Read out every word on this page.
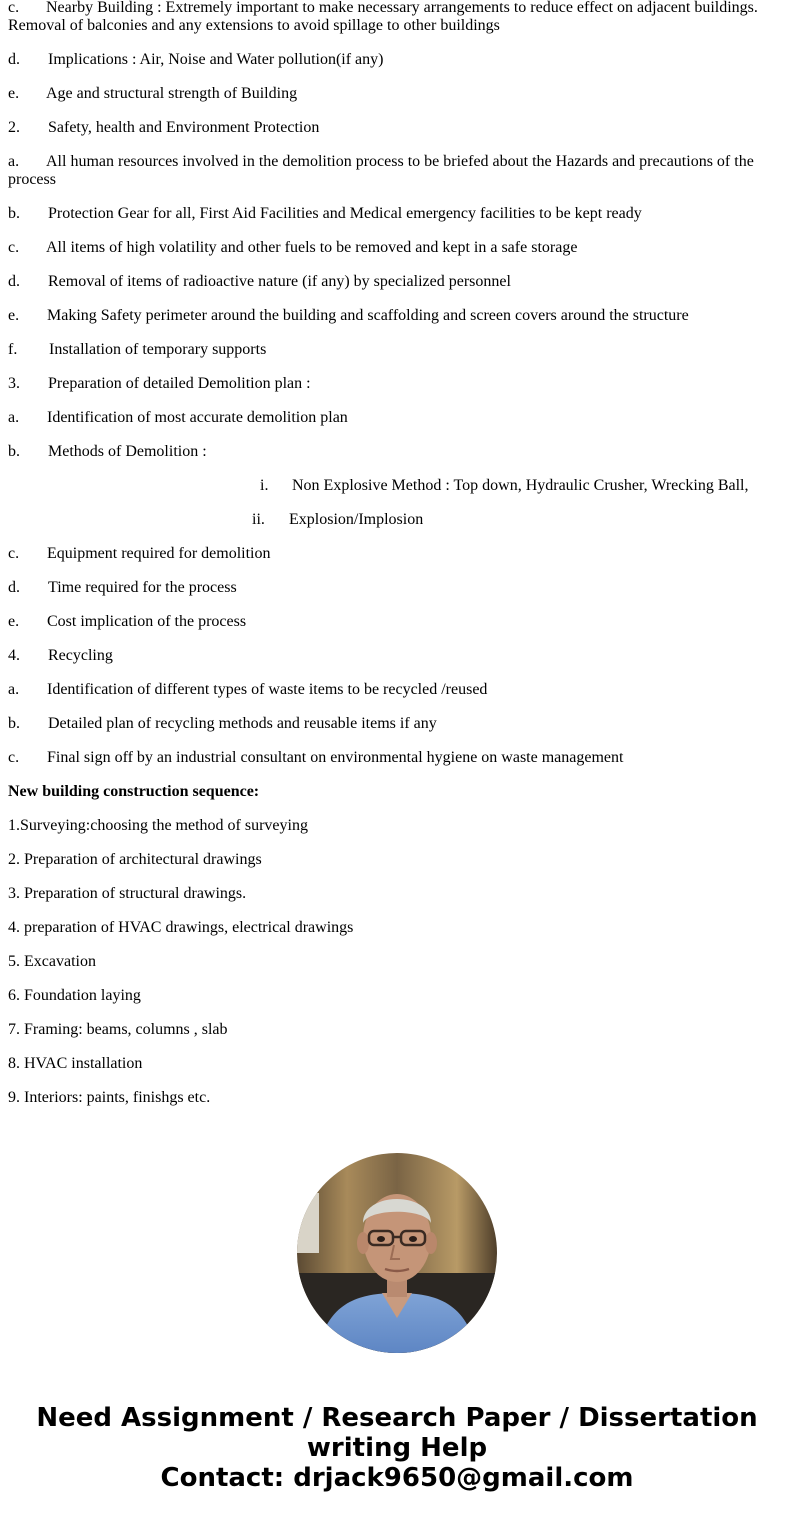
c. Nearby Building : Extremely important to make necessary arrangements to reduce effect on adjacent buildings. Removal of balconies and any extensions to avoid spillage to other buildings
d. Implications : Air, Noise and Water pollution(if any)
e. Age and structural strength of Building
2. Safety, health and Environment Protection
a. All human resources involved in the demolition process to be briefed about the Hazards and precautions of the process
b. Protection Gear for all, First Aid Facilities and Medical emergency facilities to be kept ready
c. All items of high volatility and other fuels to be removed and kept in a safe storage
d. Removal of items of radioactive nature (if any) by specialized personnel
e. Making Safety perimeter around the building and scaffolding and screen covers around the structure
f. Installation of temporary supports
3. Preparation of detailed Demolition plan :
a. Identification of most accurate demolition plan
b. Methods of Demolition :
i. Non Explosive Method : Top down, Hydraulic Crusher, Wrecking Ball,
ii. Explosion/Implosion
c. Equipment required for demolition
d. Time required for the process
e. Cost implication of the process
4. Recycling
a. Identification of different types of waste items to be recycled /reused
b. Detailed plan of recycling methods and reusable items if any
c. Final sign off by an industrial consultant on environmental hygiene on waste management
New building construction sequence:
1.Surveying:choosing the method of surveying
2. Preparation of architectural drawings
3. Preparation of structural drawings.
4. preparation of HVAC drawings, electrical drawings
5. Excavation
6. Foundation laying
7. Framing: beams, columns , slab
8. HVAC installation
9. Interiors: paints, finishgs etc.
Need Assignment / Research Paper / Dissertation
writing Help
Contact: drjack9650@gmail.com
